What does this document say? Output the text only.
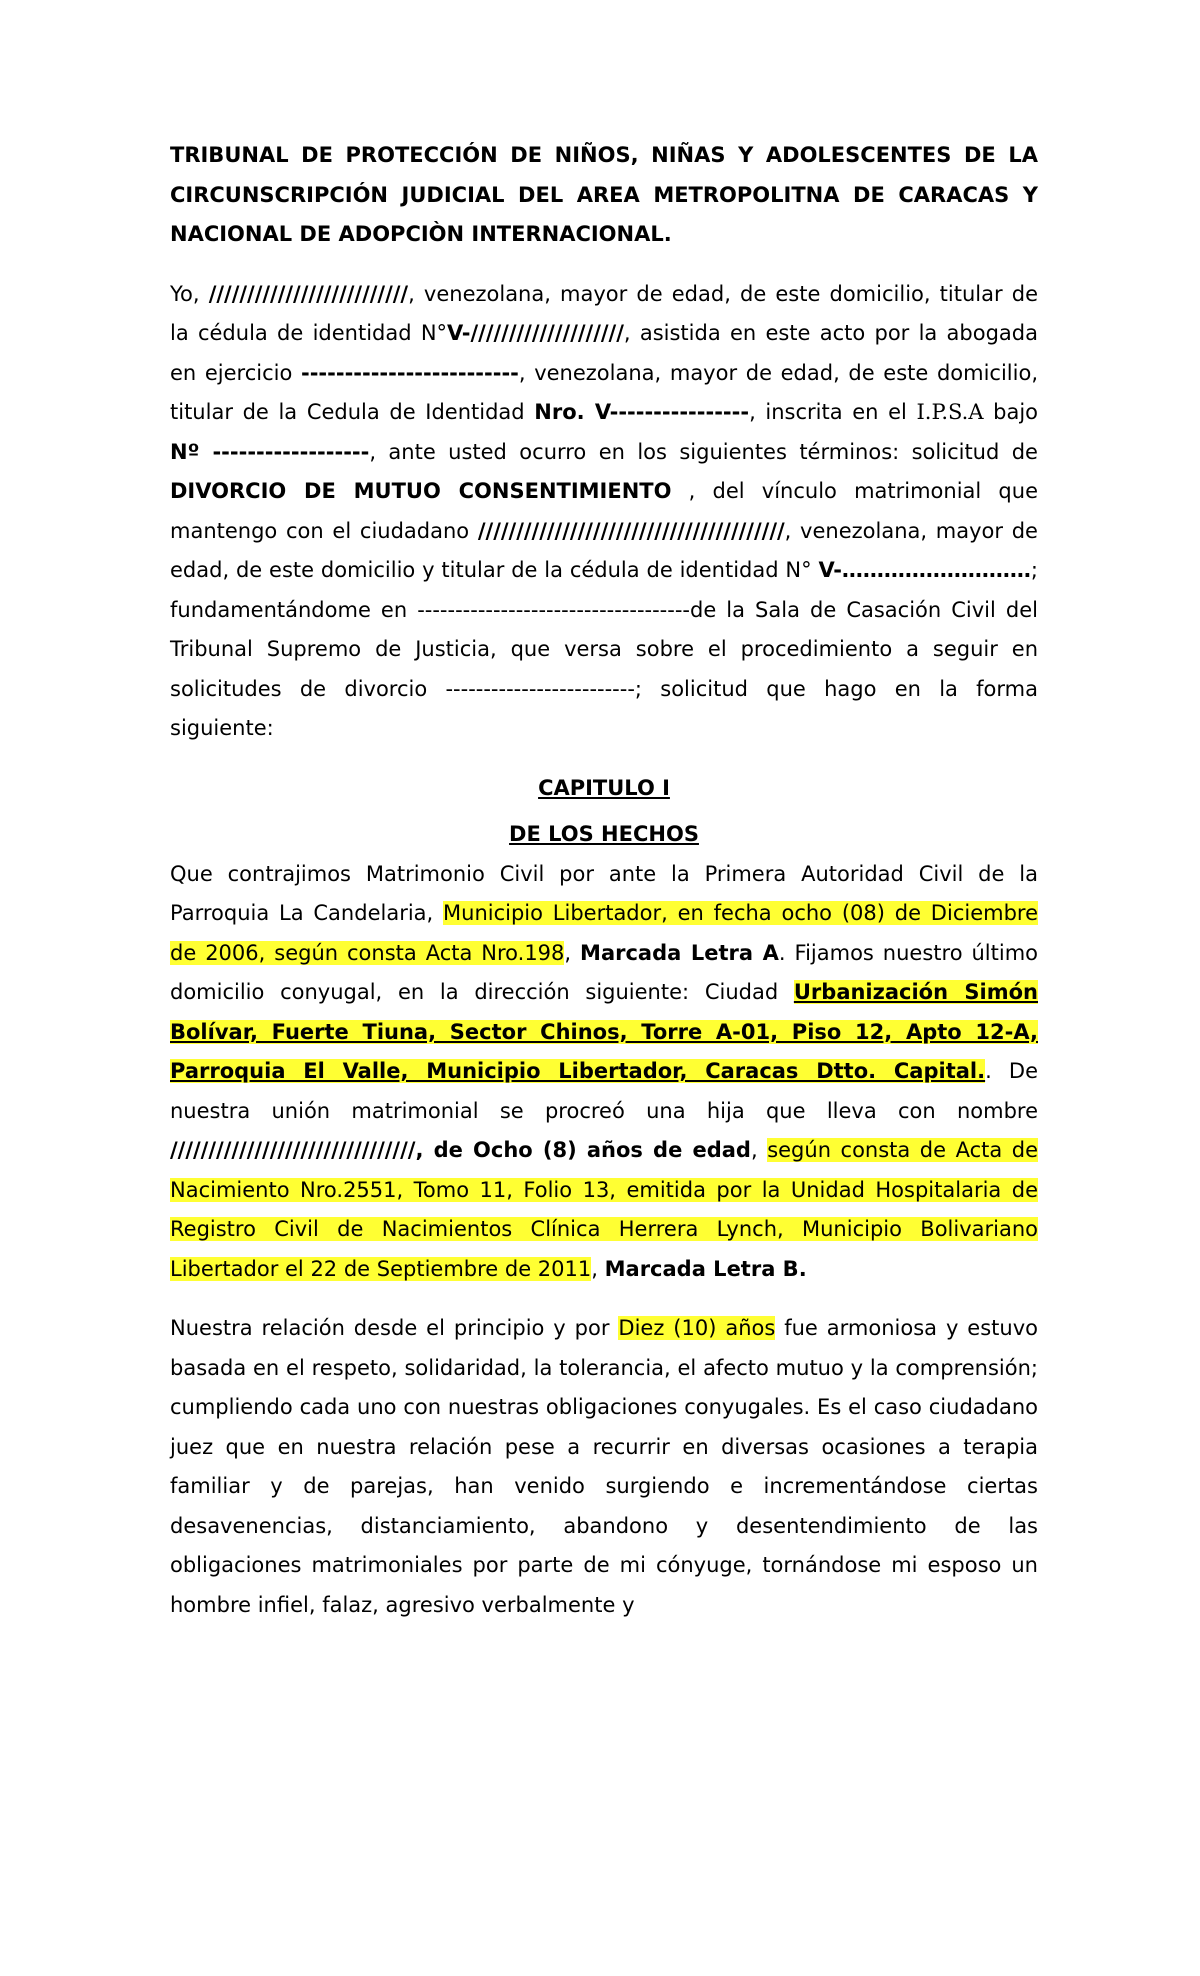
TRIBUNAL DE PROTECCIÓN DE NIÑOS, NIÑAS Y ADOLESCENTES DE LA CIRCUNSCRIPCIÓN JUDICIAL DEL AREA METROPOLITNA DE CARACAS Y NACIONAL DE ADOPCIÒN INTERNACIONAL.

Yo, //////////////////////////, venezolana, mayor de edad, de este domicilio, titular de la cédula de identidad N°V-////////////////////, asistida en este acto por la abogada en ejercicio -------------------------, venezolana, mayor de edad, de este domicilio, titular de la Cedula de Identidad Nro. V----------------, inscrita en el I.P.S.A bajo Nº ------------------, ante usted ocurro en los siguientes términos: solicitud de DIVORCIO DE MUTUO CONSENTIMIENTO , del vínculo matrimonial que mantengo con el ciudadano ////////////////////////////////////////, venezolana, mayor de edad, de este domicilio y titular de la cédula de identidad N° V-………………………; fundamentándome en ------------------------------------de la Sala de Casación Civil del Tribunal Supremo de Justicia, que versa sobre el procedimiento a seguir en solicitudes de divorcio -------------------------; solicitud que hago en la forma siguiente:

CAPITULO I

DE LOS HECHOS

Que contrajimos Matrimonio Civil por ante la Primera Autoridad Civil de la Parroquia La Candelaria, Municipio Libertador, en fecha ocho (08) de Diciembre de 2006, según consta Acta Nro.198, Marcada Letra A. Fijamos nuestro último domicilio conyugal, en la dirección siguiente: Ciudad Urbanización Simón Bolívar, Fuerte Tiuna, Sector Chinos, Torre A-01, Piso 12, Apto 12-A, Parroquia El Valle, Municipio Libertador, Caracas Dtto. Capital.. De nuestra unión matrimonial se procreó una hija que lleva con nombre ////////////////////////////////, de Ocho (8) años de edad, según consta de Acta de Nacimiento Nro.2551, Tomo 11, Folio 13, emitida por la Unidad Hospitalaria de Registro Civil de Nacimientos Clínica Herrera Lynch, Municipio Bolivariano Libertador el 22 de Septiembre de 2011, Marcada Letra B.

Nuestra relación desde el principio y por Diez (10) años fue armoniosa y estuvo basada en el respeto, solidaridad, la tolerancia, el afecto mutuo y la comprensión; cumpliendo cada uno con nuestras obligaciones conyugales. Es el caso ciudadano juez que en nuestra relación pese a recurrir en diversas ocasiones a terapia familiar y de parejas, han venido surgiendo e incrementándose ciertas desavenencias, distanciamiento, abandono y desentendimiento de las obligaciones matrimoniales por parte de mi cónyuge, tornándose mi esposo un hombre infiel, falaz, agresivo verbalmente y
